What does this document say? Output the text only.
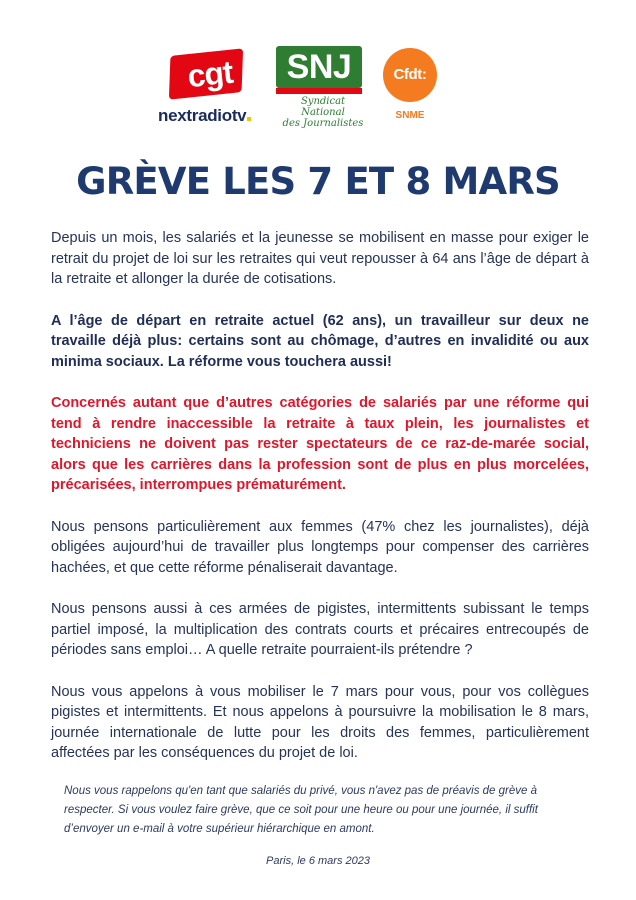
cgt
nextradiotv
SNJ
Syndicat National
des Journalistes
Cfdt:
SNME
GRÈVE LES 7 ET 8 MARS

Depuis un mois, les salariés et la jeunesse se mobilisent en masse pour exiger le retrait du projet de loi sur les retraites qui veut repousser à 64 ans l’âge de départ à la retraite et allonger la durée de cotisations.

A l’âge de départ en retraite actuel (62 ans), un travailleur sur deux ne travaille déjà plus: certains sont au chômage, d’autres en invalidité ou aux minima sociaux. La réforme vous touchera aussi!

Concernés autant que d’autres catégories de salariés par une réforme qui tend à rendre inaccessible la retraite à taux plein, les journalistes et techniciens ne doivent pas rester spectateurs de ce raz-de-marée social, alors que les carrières dans la profession sont de plus en plus morcelées, précarisées, interrompues prématurément.

Nous pensons particulièrement aux femmes (47% chez les journalistes), déjà obligées aujourd’hui de travailler plus longtemps pour compenser des carrières hachées, et que cette réforme pénaliserait davantage.

Nous pensons aussi à ces armées de pigistes, intermittents subissant le temps partiel imposé, la multiplication des contrats courts et précaires entrecoupés de périodes sans emploi… A quelle retraite pourraient-ils prétendre ?

Nous vous appelons à vous mobiliser le 7 mars pour vous, pour vos collègues pigistes et intermittents. Et nous appelons à poursuivre la mobilisation le 8 mars, journée internationale de lutte pour les droits des femmes, particulièrement affectées par les conséquences du projet de loi.

Nous vous rappelons qu'en tant que salariés du privé, vous n'avez pas de préavis de grève à respecter. Si vous voulez faire grève, que ce soit pour une heure ou pour une journée, il suffit d’envoyer un e-mail à votre supérieur hiérarchique en amont.
Paris, le 6 mars 2023
